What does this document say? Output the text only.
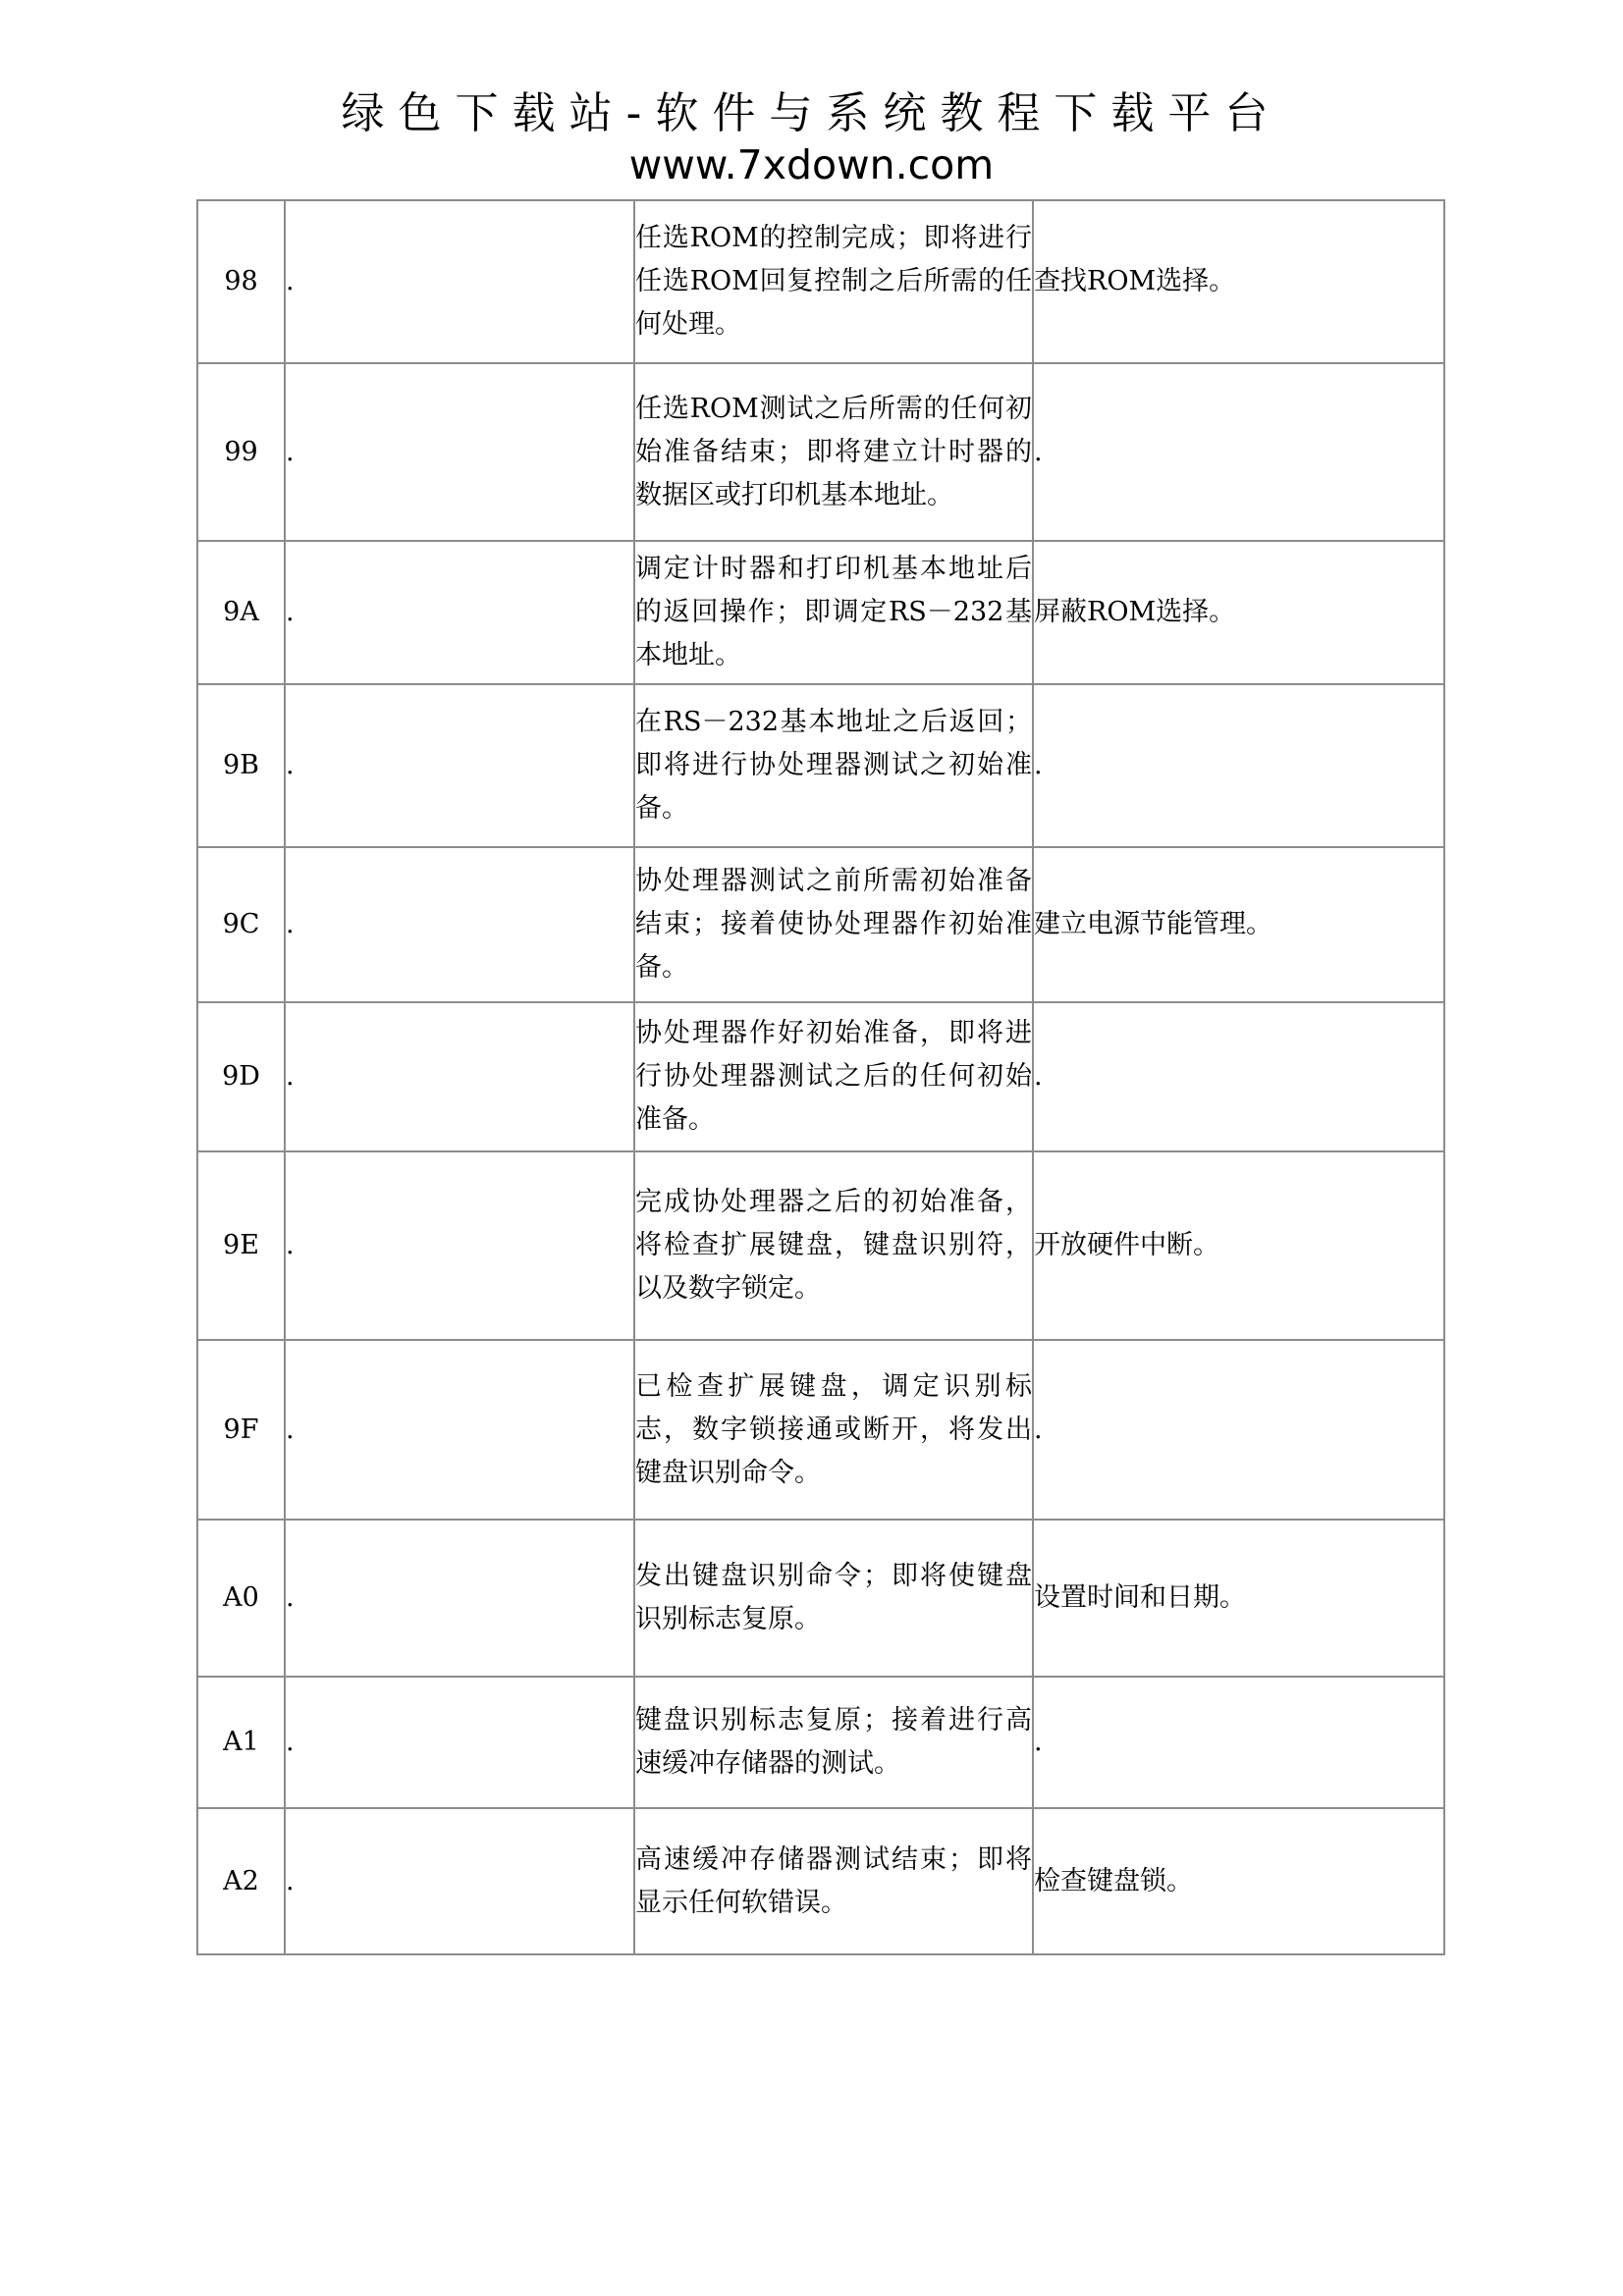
绿色下载站-软件与系统教程下载平台
www.7xdown.com
98	.	任选ROM的控制完成；即将进行任选ROM回复控制之后所需的任何处理。	查找ROM选择。
99	.	任选ROM测试之后所需的任何初始准备结束；即将建立计时器的数据区或打印机基本地址。	.
9A	.	调定计时器和打印机基本地址后的返回操作；即调定RS－232基本地址。	屏蔽ROM选择。
9B	.	在RS－232基本地址之后返回；即将进行协处理器测试之初始准备。	.
9C	.	协处理器测试之前所需初始准备结束；接着使协处理器作初始准备。	建立电源节能管理。
9D	.	协处理器作好初始准备，即将进行协处理器测试之后的任何初始准备。	.
9E	.	完成协处理器之后的初始准备，将检查扩展键盘，键盘识别符，以及数字锁定。	开放硬件中断。
9F	.	已检查扩展键盘，调定识别标志，数字锁接通或断开，将发出键盘识别命令。	.
A0	.	发出键盘识别命令；即将使键盘识别标志复原。	设置时间和日期。
A1	.	键盘识别标志复原；接着进行高速缓冲存储器的测试。	.
A2	.	高速缓冲存储器测试结束；即将显示任何软错误。	检查键盘锁。
